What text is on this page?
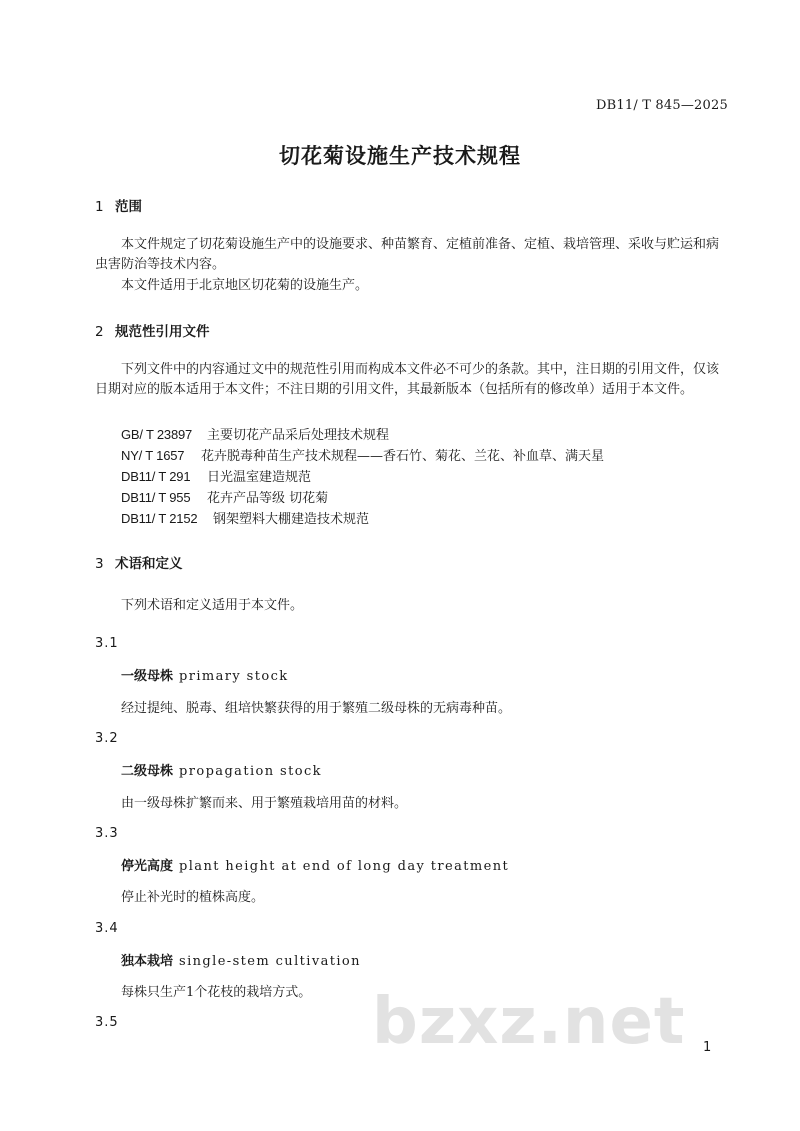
DB11/ T 845—2025
切花菊设施生产技术规程
1 范围
本文件规定了切花菊设施生产中的设施要求、种苗繁育、定植前准备、定植、栽培管理、采收与贮运和病虫害防治等技术内容。
本文件适用于北京地区切花菊的设施生产。
2 规范性引用文件
下列文件中的内容通过文中的规范性引用而构成本文件必不可少的条款。其中，注日期的引用文件，仅该日期对应的版本适用于本文件；不注日期的引用文件，其最新版本（包括所有的修改单）适用于本文件。
GB/ T 23897 主要切花产品采后处理技术规程
NY/ T 1657 花卉脱毒种苗生产技术规程——香石竹、菊花、兰花、补血草、满天星
DB11/ T 291 日光温室建造规范
DB11/ T 955 花卉产品等级 切花菊
DB11/ T 2152 钢架塑料大棚建造技术规范
3 术语和定义
下列术语和定义适用于本文件。
3.1
一级母株 primary stock
经过提纯、脱毒、组培快繁获得的用于繁殖二级母株的无病毒种苗。
3.2
二级母株 propagation stock
由一级母株扩繁而来、用于繁殖栽培用苗的材料。
3.3
停光高度 plant height at end of long day treatment
停止补光时的植株高度。
3.4
独本栽培 single-stem cultivation
每株只生产1个花枝的栽培方式。
3.5	bzxz.net 1
